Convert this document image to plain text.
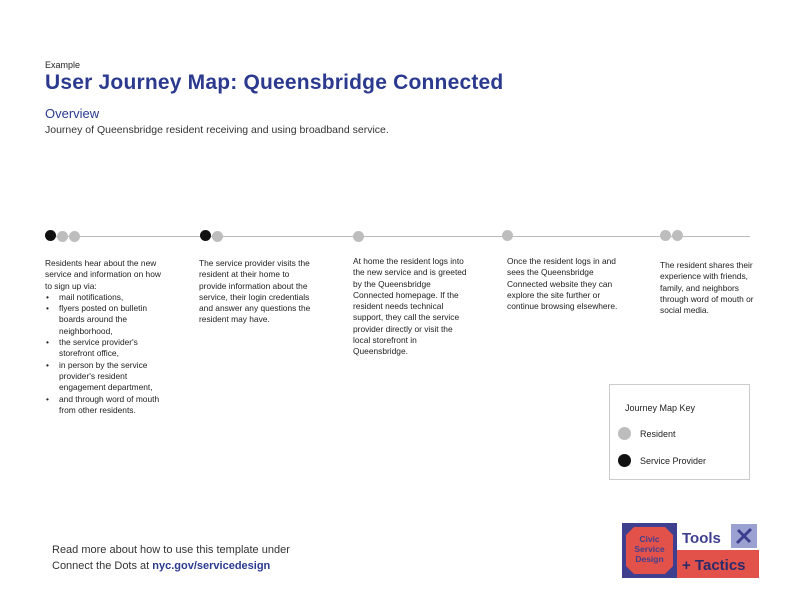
Example
User Journey Map: Queensbridge Connected
Overview
Journey of Queensbridge resident receiving and using broadband service.
Residents hear about the new service and information on how to sign up via:
• mail notifications,
• flyers posted on bulletin boards around the neighborhood,
• the service provider's storefront office,
• in person by the service provider's resident engagement department,
• and through word of mouth from other residents.
The service provider visits the resident at their home to provide information about the service, their login credentials and answer any questions the resident may have.
At home the resident logs into the new service and is greeted by the Queensbridge Connected homepage. If the resident needs technical support, they call the service provider directly or visit the local storefront in Queensbridge.
Once the resident logs in and sees the Queensbridge Connected website they can explore the site further or continue browsing elsewhere.
The resident shares their experience with friends, family, and neighbors through word of mouth or social media.
Journey Map Key
Resident
Service Provider
Read more about how to use this template under
Connect the Dots at nyc.gov/servicedesign
Civic
Service
Design
Tools
+ Tactics
